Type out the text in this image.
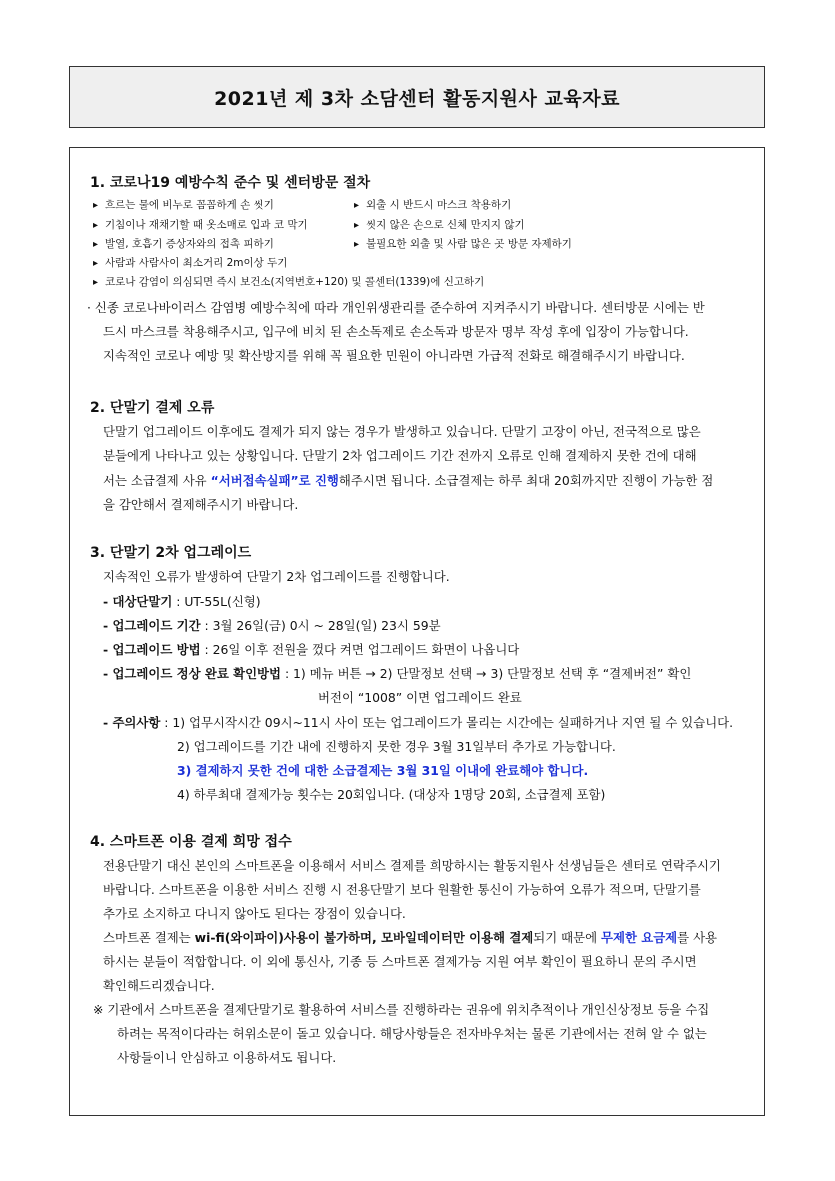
2021년 제 3차 소담센터 활동지원사 교육자료
1. 코로나19 예방수칙 준수 및 센터방문 절차
▸ 흐르는 물에 비누로 꼼꼼하게 손 씻기
▸ 기침이나 재채기할 때 옷소매로 입과 코 막기
▸ 발열, 호흡기 증상자와의 접촉 피하기
▸ 사람과 사람사이 최소거리 2m이상 두기
▸ 코로나 감염이 의심되면 즉시 보건소(지역번호+120) 및 콜센터(1339)에 신고하기
▸ 외출 시 반드시 마스크 착용하기
▸ 씻지 않은 손으로 신체 만지지 않기
▸ 불필요한 외출 및 사람 많은 곳 방문 자제하기
· 신종 코로나바이러스 감염병 예방수칙에 따라 개인위생관리를 준수하여 지켜주시기 바랍니다. 센터방문 시에는 반
드시 마스크를 착용해주시고, 입구에 비치 된 손소독제로 손소독과 방문자 명부 작성 후에 입장이 가능합니다.
지속적인 코로나 예방 및 확산방지를 위해 꼭 필요한 민원이 아니라면 가급적 전화로 해결해주시기 바랍니다.
2. 단말기 결제 오류
단말기 업그레이드 이후에도 결제가 되지 않는 경우가 발생하고 있습니다. 단말기 고장이 아닌, 전국적으로 많은
분들에게 나타나고 있는 상황입니다. 단말기 2차 업그레이드 기간 전까지 오류로 인해 결제하지 못한 건에 대해
서는 소급결제 사유 “서버접속실패”로 진행해주시면 됩니다. 소급결제는 하루 최대 20회까지만 진행이 가능한 점
을 감안해서 결제해주시기 바랍니다.
3. 단말기 2차 업그레이드
지속적인 오류가 발생하여 단말기 2차 업그레이드를 진행합니다.
- 대상단말기 : UT-55L(신형)
- 업그레이드 기간 : 3월 26일(금) 0시 ~ 28일(일) 23시 59분
- 업그레이드 방법 : 26일 이후 전원을 껐다 켜면 업그레이드 화면이 나옵니다
- 업그레이드 정상 완료 확인방법 : 1) 메뉴 버튼 → 2) 단말정보 선택 → 3) 단말정보 선택 후 “결제버전” 확인
버전이 “1008” 이면 업그레이드 완료
- 주의사항 : 1) 업무시작시간 09시~11시 사이 또는 업그레이드가 몰리는 시간에는 실패하거나 지연 될 수 있습니다.
2) 업그레이드를 기간 내에 진행하지 못한 경우 3월 31일부터 추가로 가능합니다.
3) 결제하지 못한 건에 대한 소급결제는 3월 31일 이내에 완료해야 합니다.
4) 하루최대 결제가능 횟수는 20회입니다. (대상자 1명당 20회, 소급결제 포함)
4. 스마트폰 이용 결제 희망 접수
전용단말기 대신 본인의 스마트폰을 이용해서 서비스 결제를 희망하시는 활동지원사 선생님들은 센터로 연락주시기
바랍니다. 스마트폰을 이용한 서비스 진행 시 전용단말기 보다 원활한 통신이 가능하여 오류가 적으며, 단말기를
추가로 소지하고 다니지 않아도 된다는 장점이 있습니다.
스마트폰 결제는 wi-fi(와이파이)사용이 불가하며, 모바일데이터만 이용해 결제되기 때문에 무제한 요금제를 사용
하시는 분들이 적합합니다. 이 외에 통신사, 기종 등 스마트폰 결제가능 지원 여부 확인이 필요하니 문의 주시면
확인해드리겠습니다.
※ 기관에서 스마트폰을 결제단말기로 활용하여 서비스를 진행하라는 권유에 위치추적이나 개인신상정보 등을 수집
하려는 목적이다라는 허위소문이 돌고 있습니다. 해당사항들은 전자바우처는 물론 기관에서는 전혀 알 수 없는
사항들이니 안심하고 이용하셔도 됩니다.
